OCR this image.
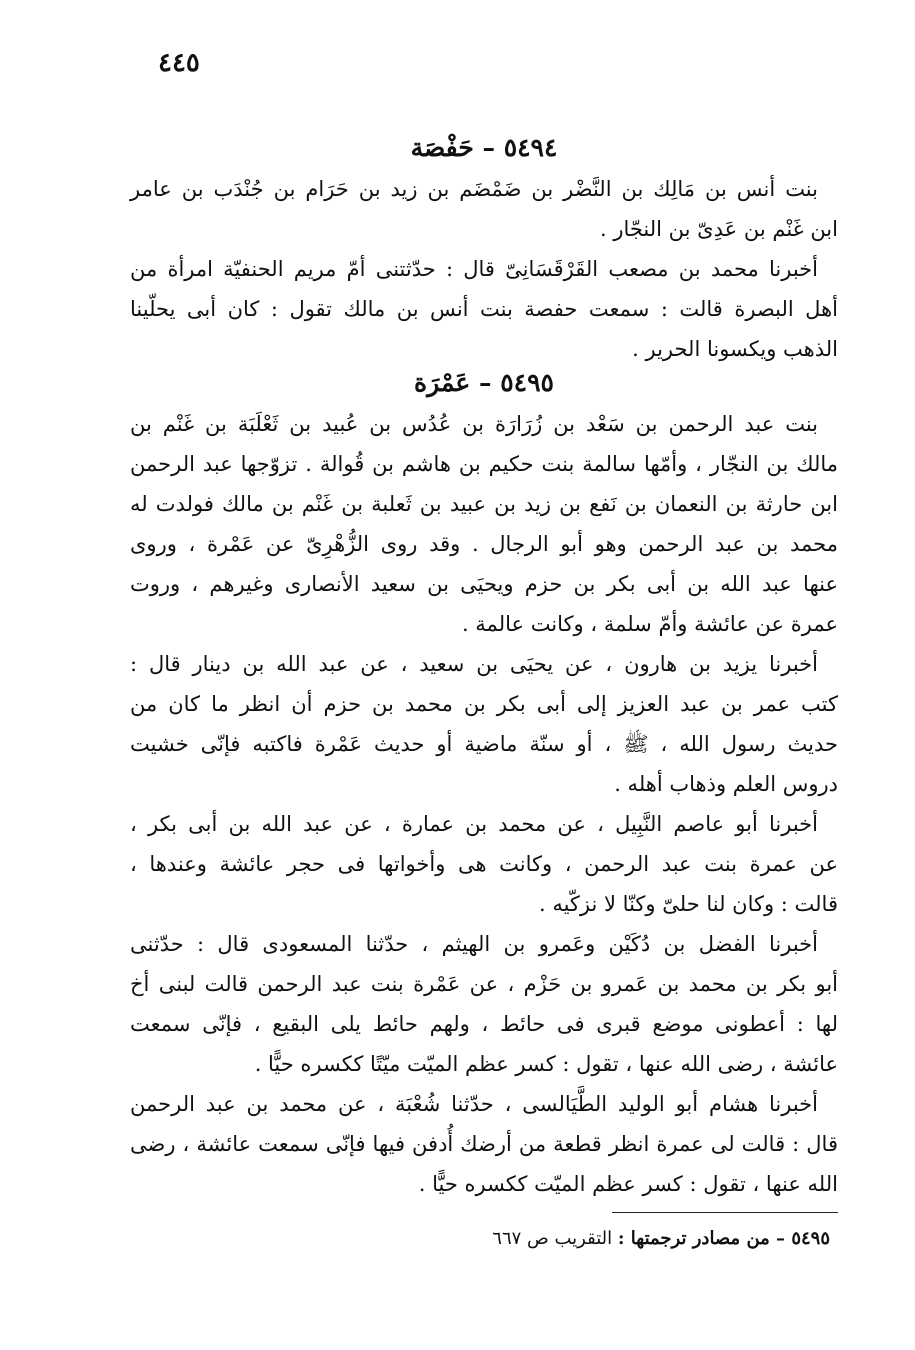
٤٤٥
٥٤٩٤ – حَفْصَة
بنت أنس بن مَالِك بن النَّضْر بن ضَمْضَم بن زيد بن حَرَام بن جُنْدَب بن عامر
ابن غَنْم بن عَدِىّ بن النجّار .
أخبرنا محمد بن مصعب القَرْقَسَانِىّ قال : حدّثتنى أمّ مريم الحنفيّة امرأة من
أهل البصرة قالت : سمعت حفصة بنت أنس بن مالك تقول : كان أبى يحلّينا
الذهب ويكسونا الحرير .
٥٤٩٥ – عَمْرَة
بنت عبد الرحمن بن سَعْد بن زُرَارَة بن عُدُس بن عُبيد بن ثَعْلَبَة بن غَنْم بن
مالك بن النجّار ، وأمّها سالمة بنت حكيم بن هاشم بن قُوالة . تزوّجها عبد الرحمن
ابن حارثة بن النعمان بن نَفع بن زيد بن عبيد بن ثَعلبة بن غَنْم بن مالك فولدت له
محمد بن عبد الرحمن وهو أبو الرجال . وقد روى الزُّهْرِىّ عن عَمْرة ، وروى
عنها عبد الله بن أبى بكر بن حزم ويحيَى بن سعيد الأنصارى وغيرهم ، وروت
عمرة عن عائشة وأمّ سلمة ، وكانت عالمة .
أخبرنا يزيد بن هارون ، عن يحيَى بن سعيد ، عن عبد الله بن دينار قال :
كتب عمر بن عبد العزيز إلى أبى بكر بن محمد بن حزم أن انظر ما كان من
حديث رسول الله ، ﷺ ، أو سنّة ماضية أو حديث عَمْرة فاكتبه فإنّى خشيت
دروس العلم وذهاب أهله .
أخبرنا أبو عاصم النَّبِيل ، عن محمد بن عمارة ، عن عبد الله بن أبى بكر ،
عن عمرة بنت عبد الرحمن ، وكانت هى وأخواتها فى حجر عائشة وعندها ،
قالت : وكان لنا حلىّ وكنّا لا نزكّيه .
أخبرنا الفضل بن دُكَيْن وعَمرو بن الهيثم ، حدّثنا المسعودى قال : حدّثنى
أبو بكر بن محمد بن عَمرو بن حَزْم ، عن عَمْرة بنت عبد الرحمن قالت لبنى أخ
لها : أعطونى موضع قبرى فى حائط ، ولهم حائط يلى البقيع ، فإنّى سمعت
عائشة ، رضى الله عنها ، تقول : كسر عظم الميّت ميّتًا ككسره حيًّا .
أخبرنا هشام أبو الوليد الطَّيَالسى ، حدّثنا شُعْبَة ، عن محمد بن عبد الرحمن
قال : قالت لى عمرة انظر قطعة من أرضك أُدفن فيها فإنّى سمعت عائشة ، رضى
الله عنها ، تقول : كسر عظم الميّت ككسره حيًّا .
٥٤٩٥ – من مصادر ترجمتها : التقريب ص ٦٦٧
